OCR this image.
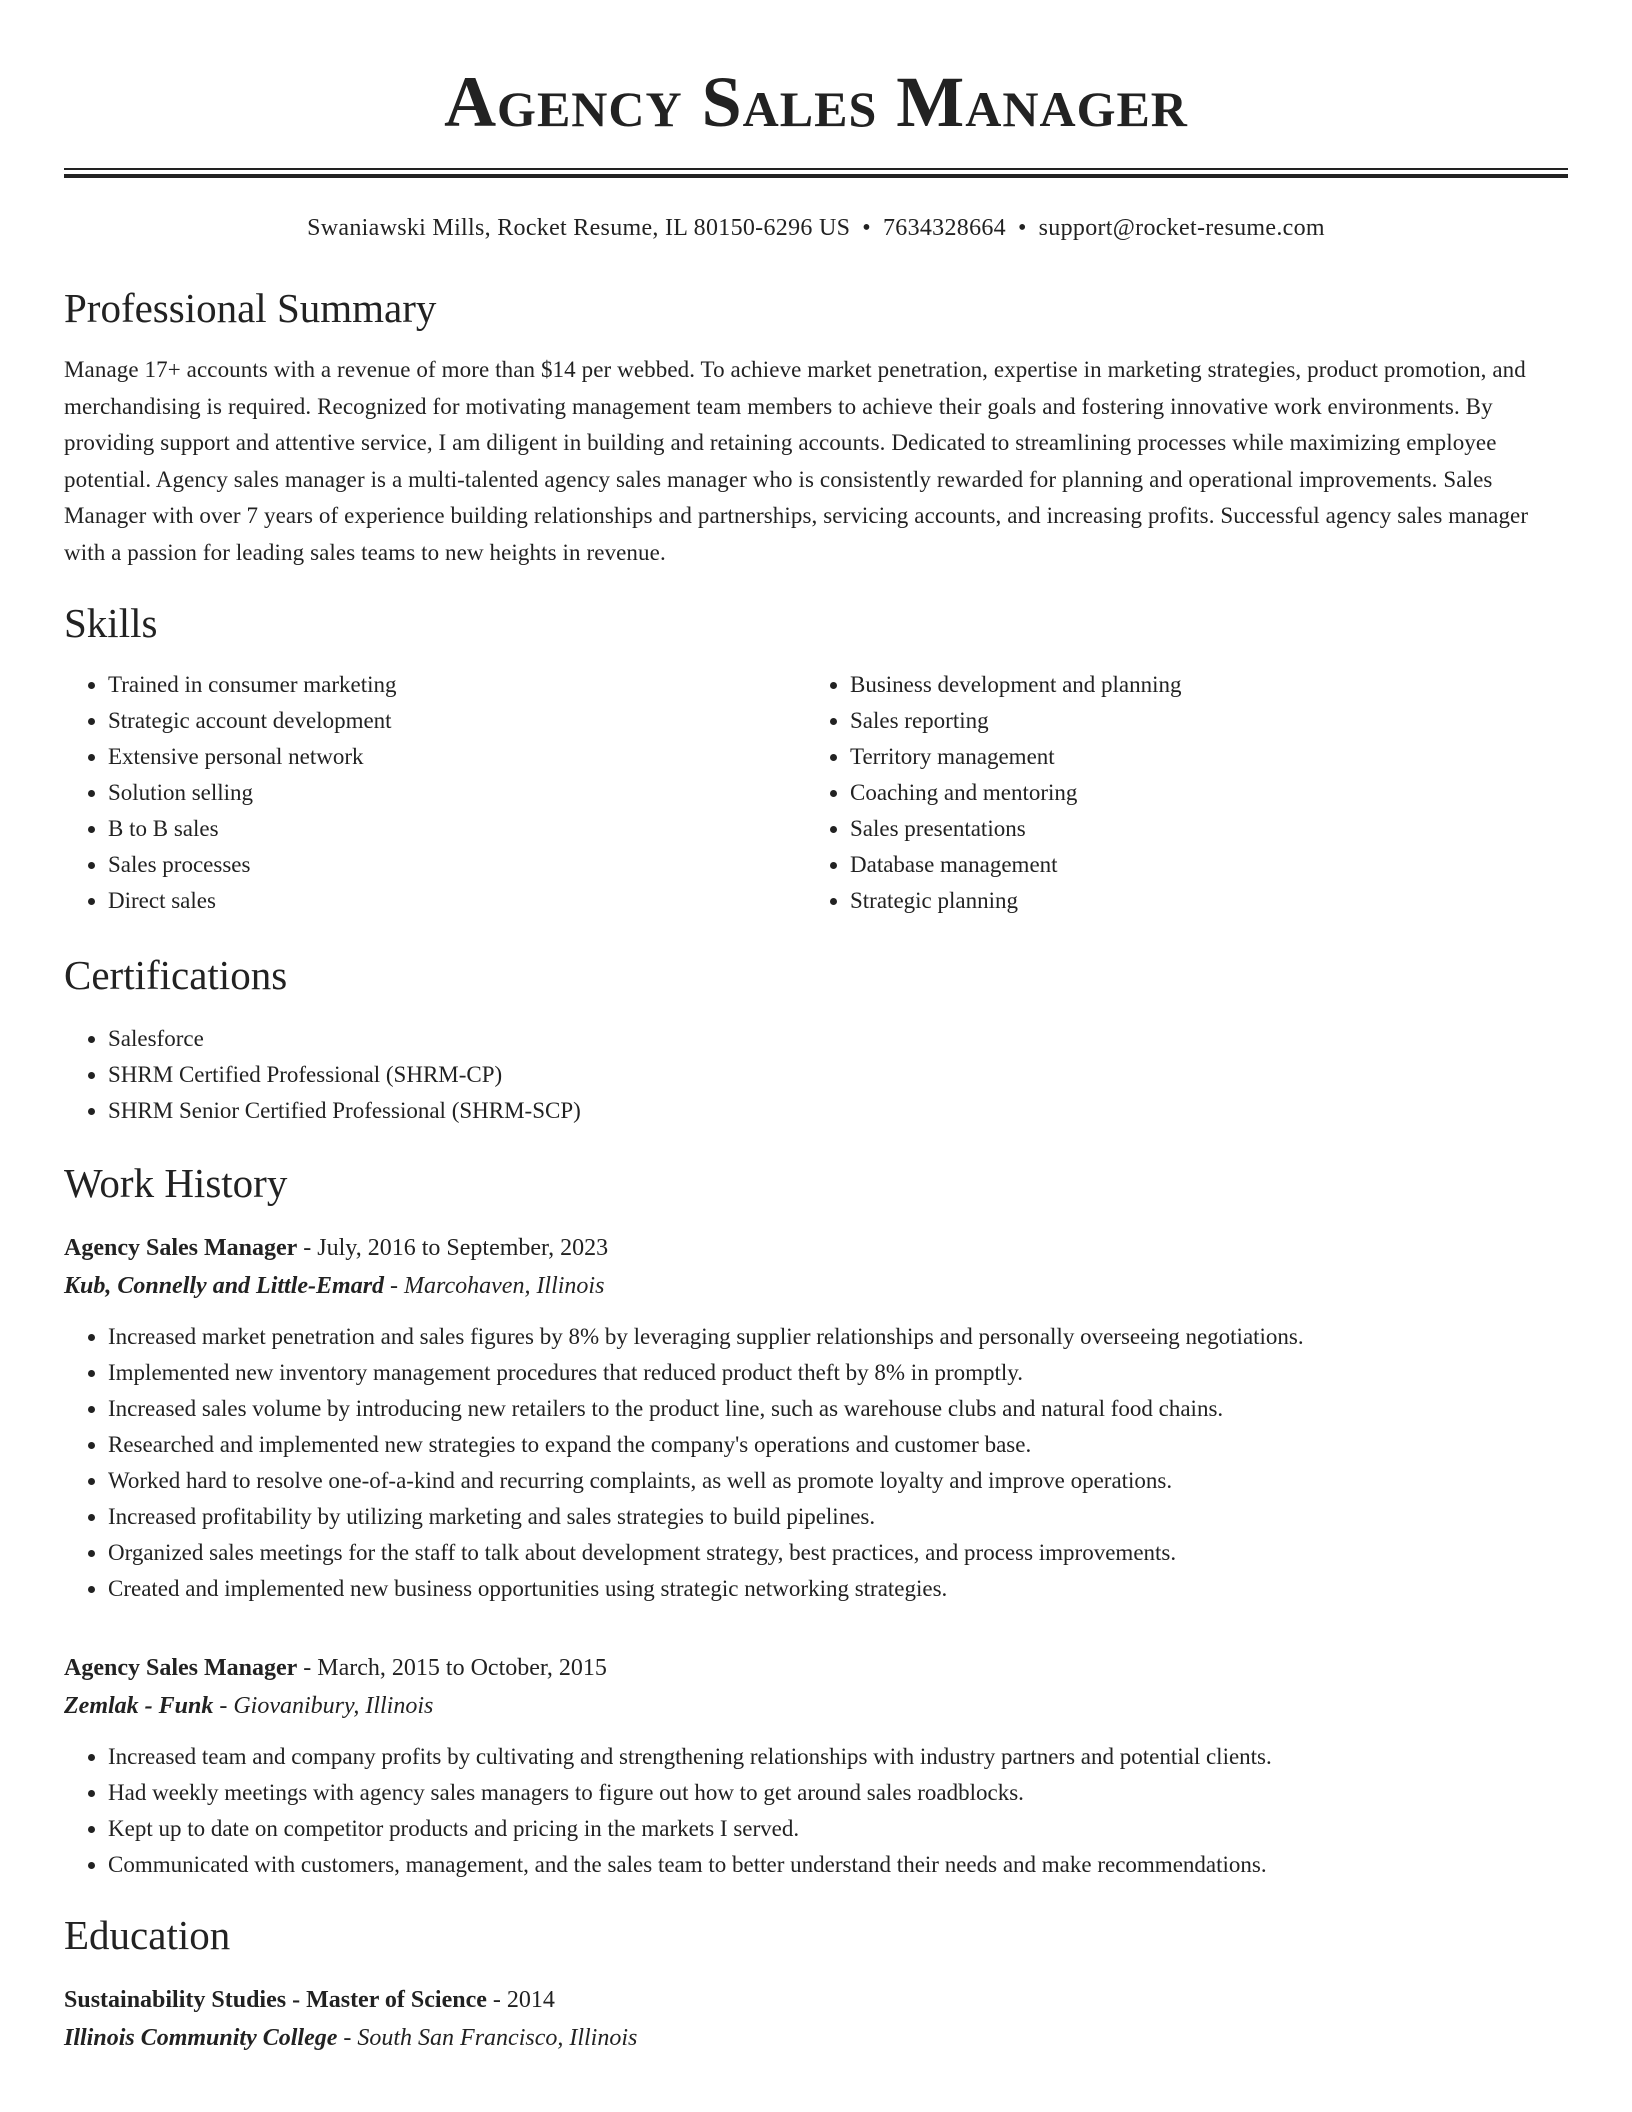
Agency Sales Manager
Swaniawski Mills, Rocket Resume, IL 80150-6296 US • 7634328664 • support@rocket-resume.com
Professional Summary
Manage 17+ accounts with a revenue of more than $14 per webbed. To achieve market penetration, expertise in marketing strategies, product promotion, and merchandising is required. Recognized for motivating management team members to achieve their goals and fostering innovative work environments. By providing support and attentive service, I am diligent in building and retaining accounts. Dedicated to streamlining processes while maximizing employee potential. Agency sales manager is a multi-talented agency sales manager who is consistently rewarded for planning and operational improvements. Sales Manager with over 7 years of experience building relationships and partnerships, servicing accounts, and increasing profits. Successful agency sales manager with a passion for leading sales teams to new heights in revenue.
Skills
• Trained in consumer marketing
• Strategic account development
• Extensive personal network
• Solution selling
• B to B sales
• Sales processes
• Direct sales
• Business development and planning
• Sales reporting
• Territory management
• Coaching and mentoring
• Sales presentations
• Database management
• Strategic planning
Certifications
• Salesforce
• SHRM Certified Professional (SHRM-CP)
• SHRM Senior Certified Professional (SHRM-SCP)
Work History
Agency Sales Manager - July, 2016 to September, 2023
Kub, Connelly and Little-Emard - Marcohaven, Illinois
• Increased market penetration and sales figures by 8% by leveraging supplier relationships and personally overseeing negotiations.
• Implemented new inventory management procedures that reduced product theft by 8% in promptly.
• Increased sales volume by introducing new retailers to the product line, such as warehouse clubs and natural food chains.
• Researched and implemented new strategies to expand the company's operations and customer base.
• Worked hard to resolve one-of-a-kind and recurring complaints, as well as promote loyalty and improve operations.
• Increased profitability by utilizing marketing and sales strategies to build pipelines.
• Organized sales meetings for the staff to talk about development strategy, best practices, and process improvements.
• Created and implemented new business opportunities using strategic networking strategies.
Agency Sales Manager - March, 2015 to October, 2015
Zemlak - Funk - Giovanibury, Illinois
• Increased team and company profits by cultivating and strengthening relationships with industry partners and potential clients.
• Had weekly meetings with agency sales managers to figure out how to get around sales roadblocks.
• Kept up to date on competitor products and pricing in the markets I served.
• Communicated with customers, management, and the sales team to better understand their needs and make recommendations.
Education
Sustainability Studies - Master of Science - 2014
Illinois Community College - South San Francisco, Illinois
